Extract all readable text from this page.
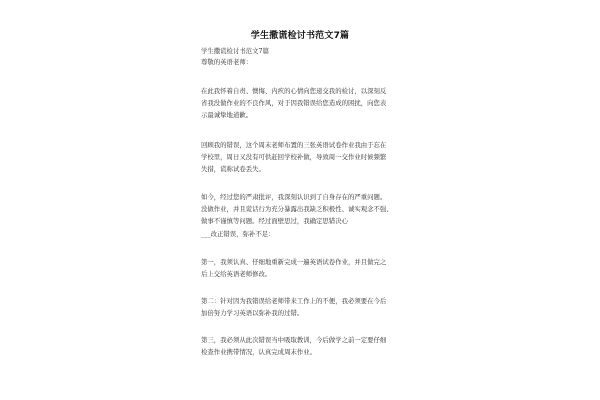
学生撒谎检讨书范文7篇
学生撒谎检讨书范文7篇
尊敬的英语老师：
在此我怀着自责、懊悔、内疚的心情向您递交我的检讨，以深刻反
省我没做作业的不良作风，对于因我错误给您造成的困扰，向您表
示最诚挚地道歉。
回顾我的错误，这个周末老师布置的三张英语试卷作业我由于忘在
学校里，周日又没有可供赶回学校补做，导致周一交作业时候频繁
失措，谎称试卷丢失。
如今，经过您的严肃批评，我深刻认识到了自身存在的严重问题。
没做作业，并且谎话行为充分暴露出我缺乏积极性、诚实观念不强、
做事不谨慎等问题。经过面壁思过，我确定思错决心
___改正错误，弥补不足：
第一，我须认真、仔细地重新完成一遍英语试卷作业，并且做完之
后上交给英语老师修改。
第二：针对因为我错误给老师带来工作上的不便，我必须要在今后
加倍努力学习英语以弥补我的过错。
第三，我必须从此次错误当中吸取教训，今后做学之前一定要仔细
检查作业携带情况，认真完成周末作业。
